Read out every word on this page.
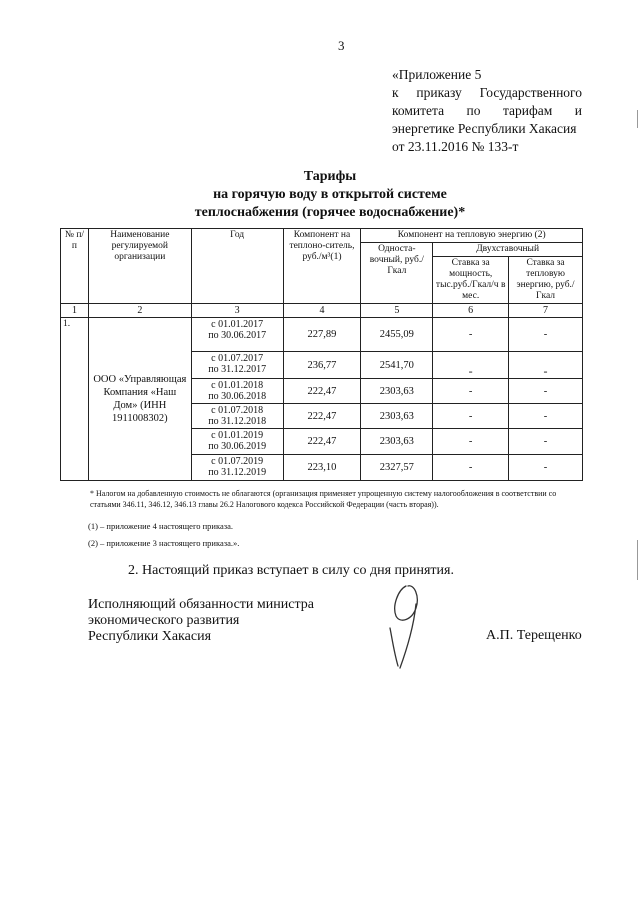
3
«Приложение 5
к приказу Государственного
комитета по тарифам и
энергетике Республики Хакасия
от 23.11.2016 № 133-т
Тарифы
на горячую воду в открытой системе
теплоснабжения (горячее водоснабжение)*
№ п/п	Наименование регулируемой организации	Год	Компонент на теплоно-ситель, руб./м³(1)	Компонент на тепловую энергию (2)		
				Односта-вочный, руб./Гкал	Двухставочный	
					Ставка за мощность, тыс.руб./Гкал/ч в мес.	Ставка за тепловую энергию, руб./Гкал
1	2	3	4	5	6	7
1.	ООО «Управляющая Компания «Наш Дом» (ИНН 1911008302)	с 01.01.2017
по 30.06.2017	227,89	2455,09	-	-
		с 01.07.2017
по 31.12.2017	236,77	2541,70	-	-
		с 01.01.2018
по 30.06.2018	222,47	2303,63	-	-
		с 01.07.2018
по 31.12.2018	222,47	2303,63	-	-
		с 01.01.2019
по 30.06.2019	222,47	2303,63	-	-
		с 01.07.2019
по 31.12.2019	223,10	2327,57	-	-
* Налогом на добавленную стоимость не облагаются (организация применяет упрощенную систему налогообложения в соответствии со статьями 346.11, 346.12, 346.13 главы 26.2 Налогового кодекса Российской Федерации (часть вторая)).
(1) – приложение 4 настоящего приказа.
(2) – приложение 3 настоящего приказа.».
2. Настоящий приказ вступает в силу со дня принятия.
Исполняющий обязанности министра
экономического развития
Республики Хакасия	А.П. Терещенко
